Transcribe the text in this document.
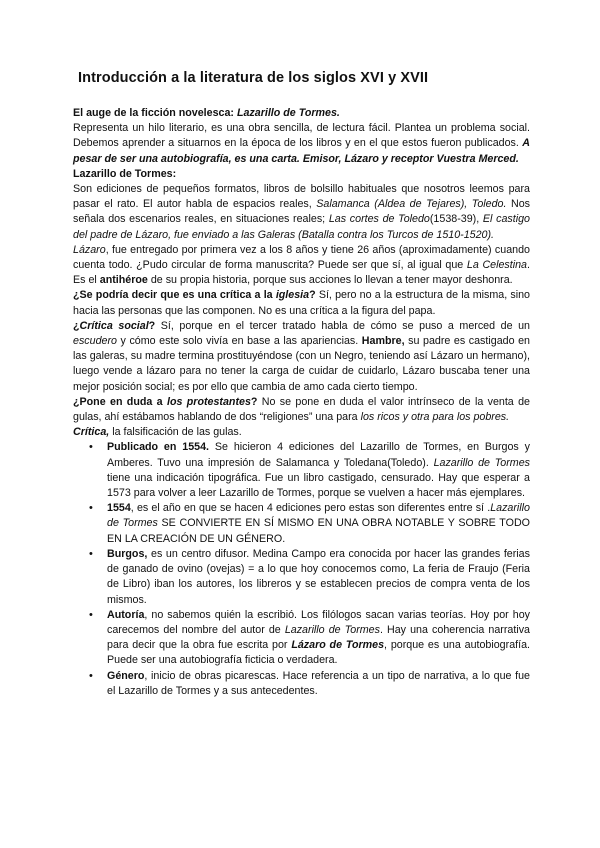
Introducción a la literatura de los siglos XVI y XVII

El auge de la ficción novelesca: Lazarillo de Tormes.

Representa un hilo literario, es una obra sencilla, de lectura fácil. Plantea un problema social. Debemos aprender a situarnos en la época de los libros y en el que estos fueron publicados. A pesar de ser una autobiografía, es una carta. Emisor, Lázaro y receptor Vuestra Merced.

Lazarillo de Tormes:

Son ediciones de pequeños formatos, libros de bolsillo habituales que nosotros leemos para pasar el rato. El autor habla de espacios reales, Salamanca (Aldea de Tejares), Toledo. Nos señala dos escenarios reales, en situaciones reales; Las cortes de Toledo(1538-39), El castigo del padre de Lázaro, fue enviado a las Galeras (Batalla contra los Turcos de 1510-1520).

Lázaro, fue entregado por primera vez a los 8 años y tiene 26 años (aproximadamente) cuando cuenta todo. ¿Pudo circular de forma manuscrita? Puede ser que sí, al igual que La Celestina. Es el antihéroe de su propia historia, porque sus acciones lo llevan a tener mayor deshonra.

¿Se podría decir que es una crítica a la iglesia? Sí, pero no a la estructura de la misma, sino hacia las personas que las componen. No es una crítica a la figura del papa.

¿Crítica social? Sí, porque en el tercer tratado habla de cómo se puso a merced de un escudero y cómo este solo vivía en base a las apariencias. Hambre, su padre es castigado en las galeras, su madre termina prostituyéndose (con un Negro, teniendo así Lázaro un hermano), luego vende a lázaro para no tener la carga de cuidar de cuidarlo, Lázaro buscaba tener una mejor posición social; es por ello que cambia de amo cada cierto tiempo.

¿Pone en duda a los protestantes? No se pone en duda el valor intrínseco de la venta de gulas, ahí estábamos hablando de dos “religiones” una para los ricos y otra para los pobres.

Crítica, la falsificación de las gulas.

• Publicado en 1554. Se hicieron 4 ediciones del Lazarillo de Tormes, en Burgos y Amberes. Tuvo una impresión de Salamanca y Toledana(Toledo). Lazarillo de Tormes tiene una indicación tipográfica. Fue un libro castigado, censurado. Hay que esperar a 1573 para volver a leer Lazarillo de Tormes, porque se vuelven a hacer más ejemplares.
• 1554, es el año en que se hacen 4 ediciones pero estas son diferentes entre sí .Lazarillo de Tormes SE CONVIERTE EN SÍ MISMO EN UNA OBRA NOTABLE Y SOBRE TODO EN LA CREACIÓN DE UN GÉNERO.
• Burgos, es un centro difusor. Medina Campo era conocida por hacer las grandes ferias de ganado de ovino (ovejas) = a lo que hoy conocemos como, La feria de Fraujo (Feria de Libro) iban los autores, los libreros y se establecen precios de compra venta de los mismos.
• Autoría, no sabemos quién la escribió. Los filólogos sacan varias teorías. Hoy por hoy carecemos del nombre del autor de Lazarillo de Tormes. Hay una coherencia narrativa para decir que la obra fue escrita por Lázaro de Tormes, porque es una autobiografía. Puede ser una autobiografía ficticia o verdadera.
• Género, inicio de obras picarescas. Hace referencia a un tipo de narrativa, a lo que fue el Lazarillo de Tormes y a sus antecedentes.
